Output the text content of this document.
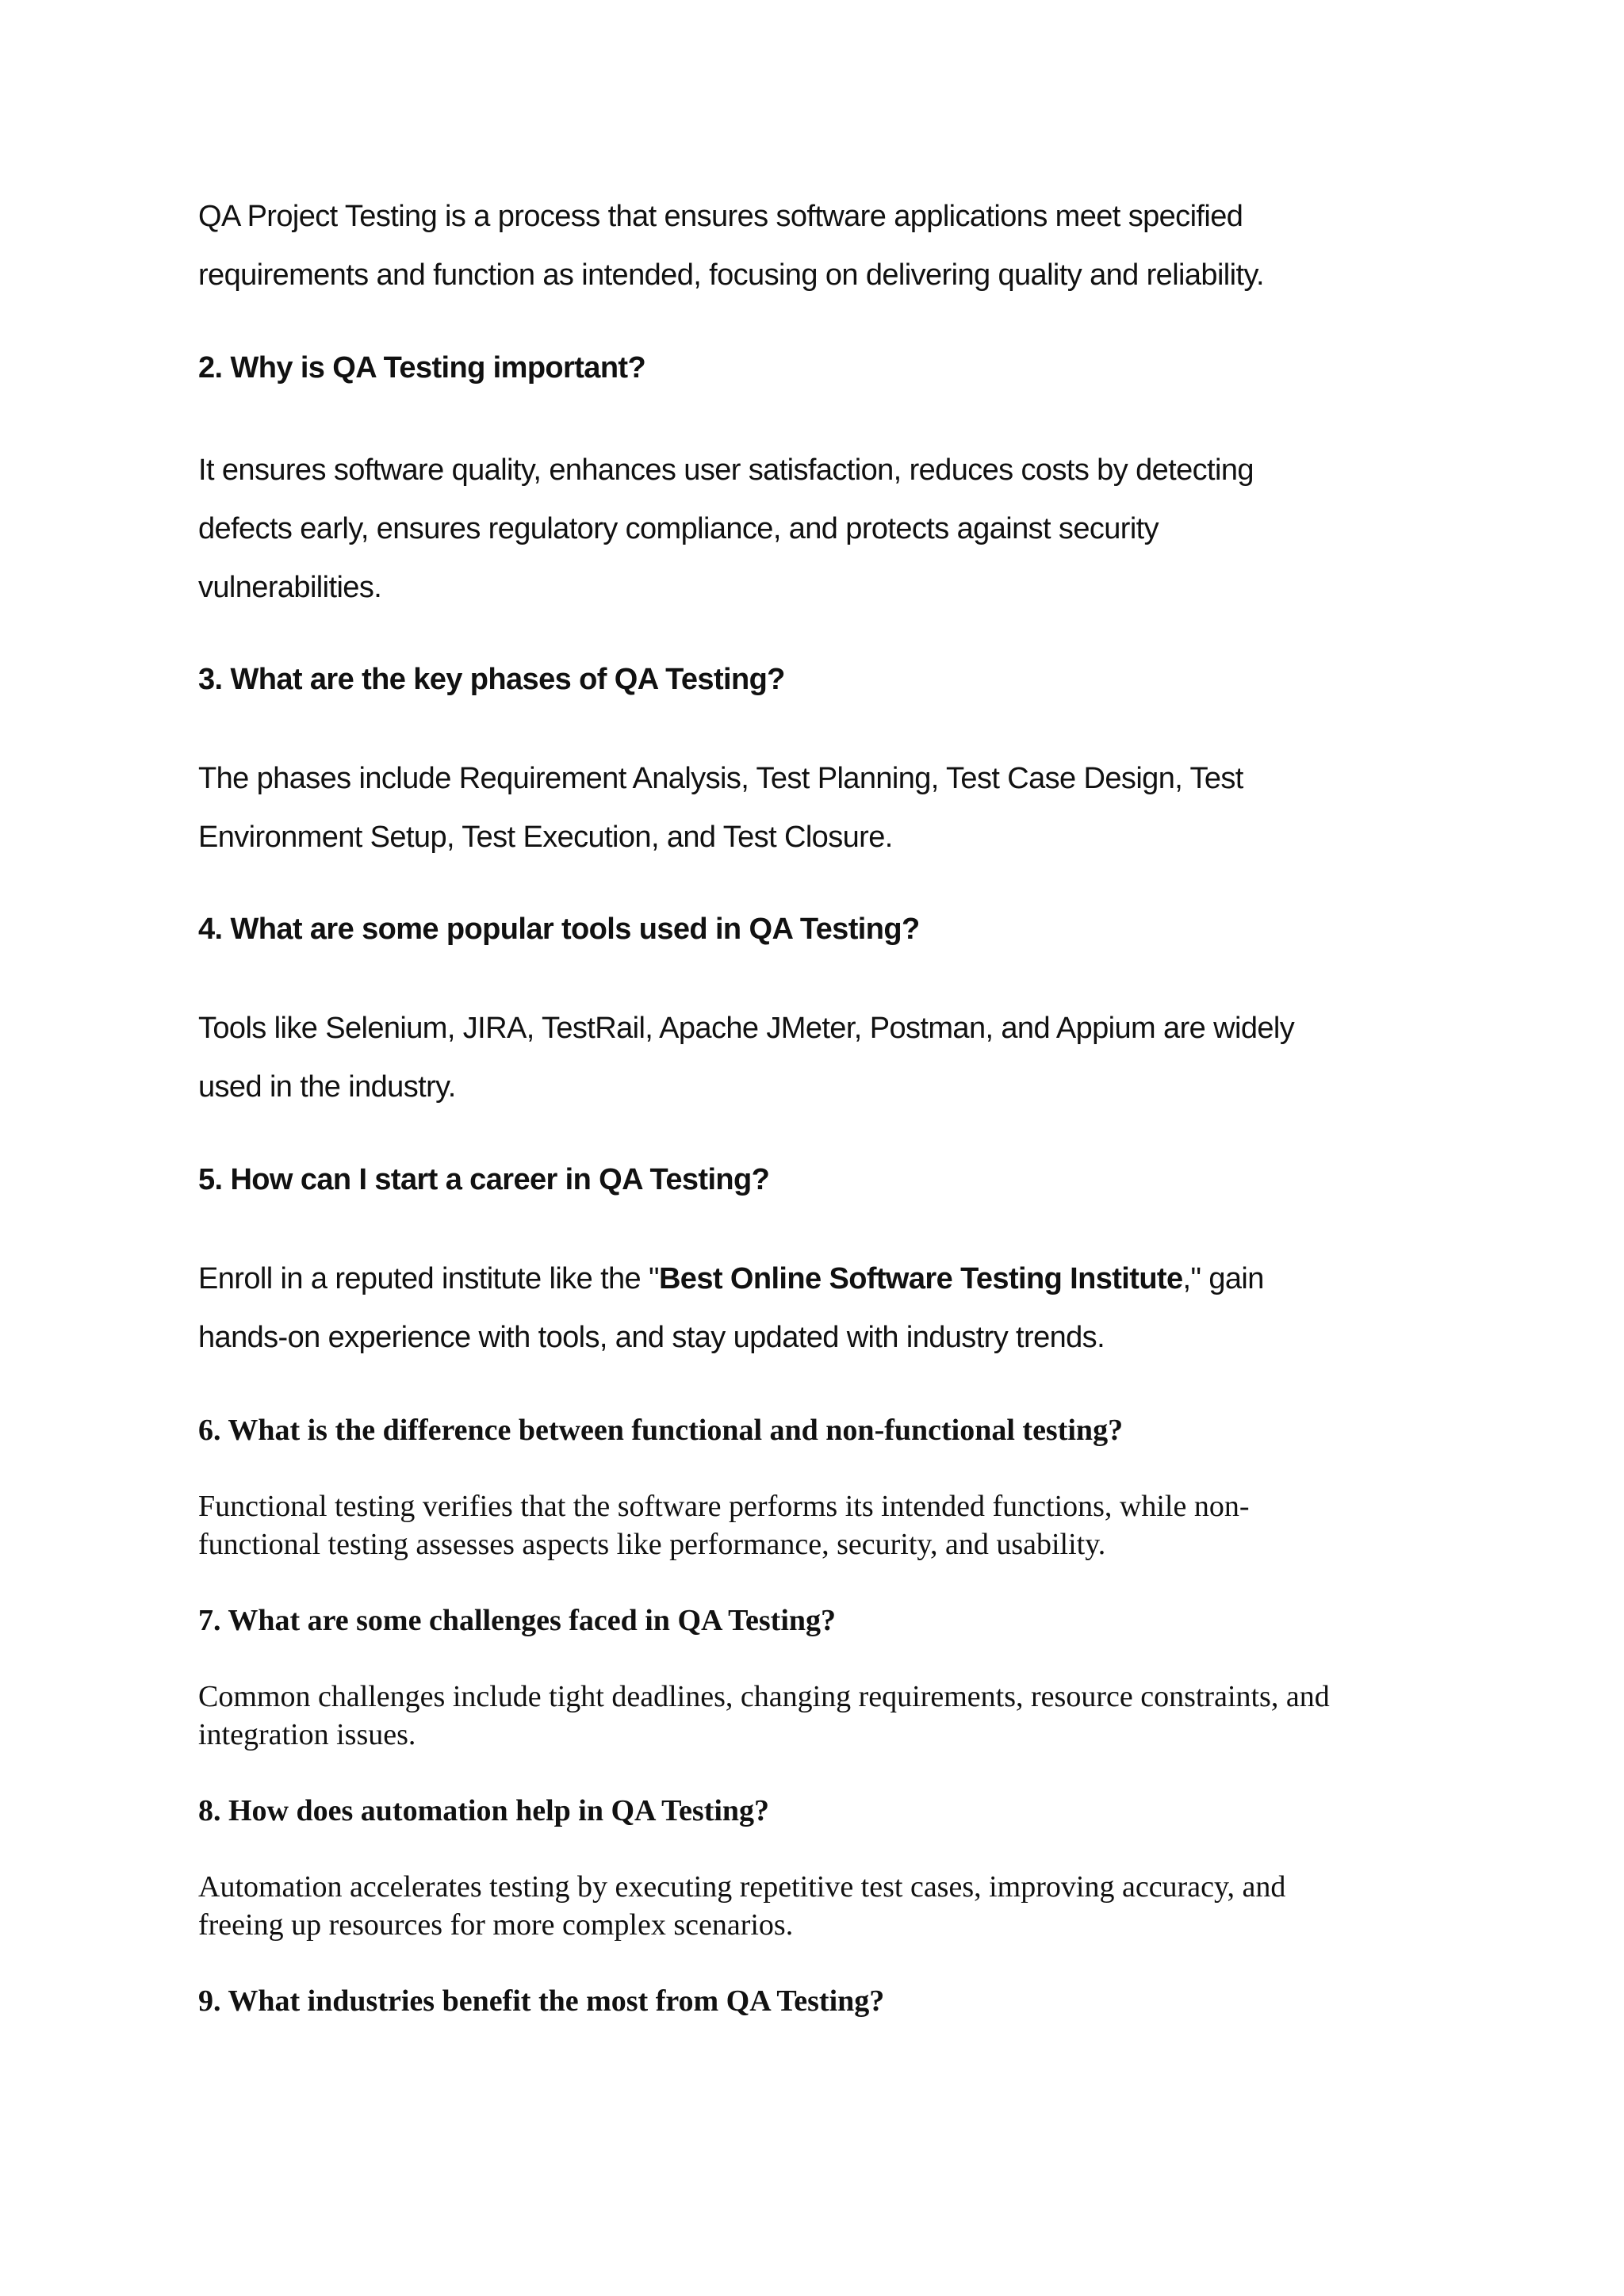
QA Project Testing is a process that ensures software applications meet specified
requirements and function as intended, focusing on delivering quality and reliability.

2. Why is QA Testing important?

It ensures software quality, enhances user satisfaction, reduces costs by detecting
defects early, ensures regulatory compliance, and protects against security
vulnerabilities.

3. What are the key phases of QA Testing?

The phases include Requirement Analysis, Test Planning, Test Case Design, Test
Environment Setup, Test Execution, and Test Closure.

4. What are some popular tools used in QA Testing?

Tools like Selenium, JIRA, TestRail, Apache JMeter, Postman, and Appium are widely
used in the industry.

5. How can I start a career in QA Testing?

Enroll in a reputed institute like the "Best Online Software Testing Institute," gain
hands-on experience with tools, and stay updated with industry trends.

6. What is the difference between functional and non-functional testing?

Functional testing verifies that the software performs its intended functions, while non-
functional testing assesses aspects like performance, security, and usability.

7. What are some challenges faced in QA Testing?

Common challenges include tight deadlines, changing requirements, resource constraints, and
integration issues.

8. How does automation help in QA Testing?

Automation accelerates testing by executing repetitive test cases, improving accuracy, and
freeing up resources for more complex scenarios.

9. What industries benefit the most from QA Testing?
